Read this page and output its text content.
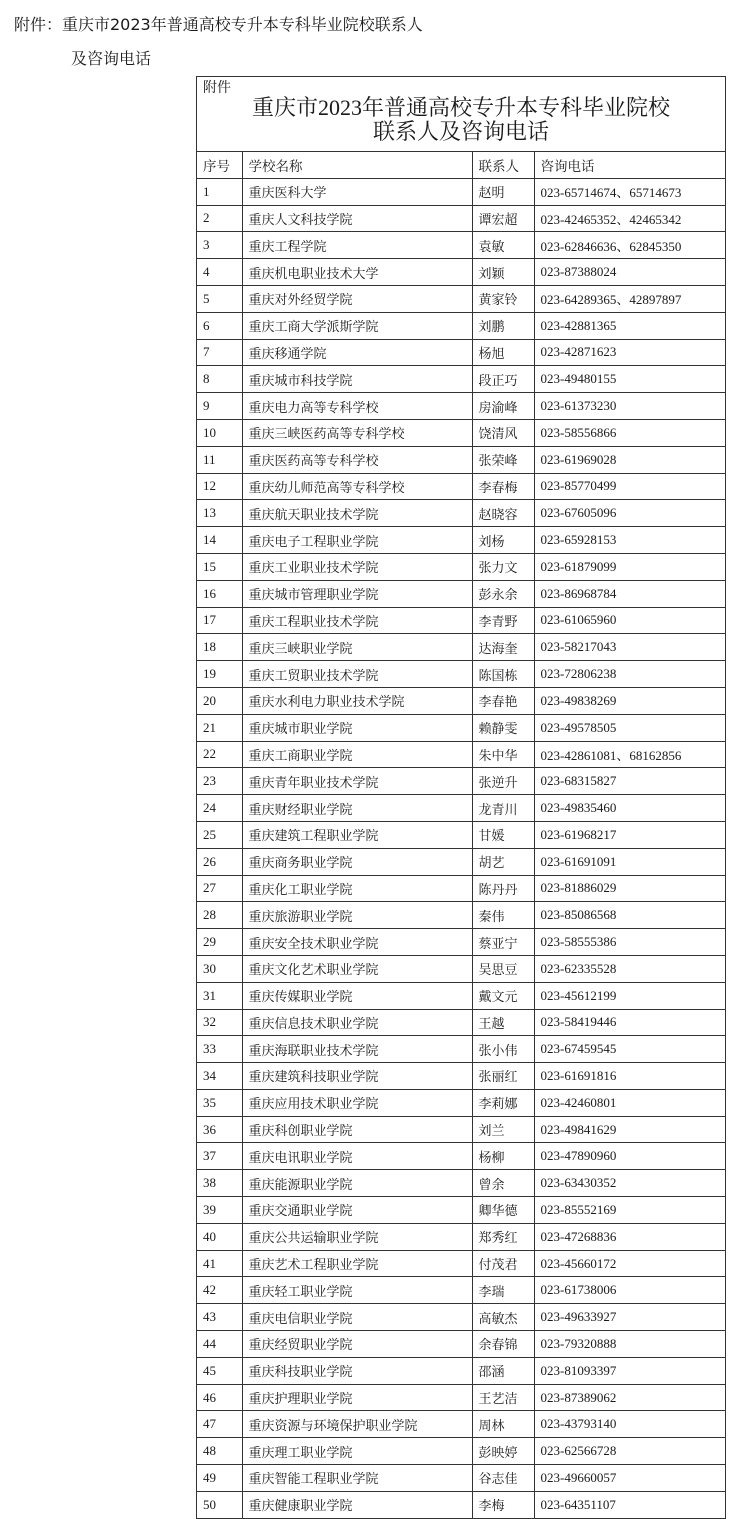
附件：重庆市2023年普通高校专升本专科毕业院校联系人
及咨询电话
附件
重庆市2023年普通高校专升本专科毕业院校
联系人及咨询电话
序号	学校名称	联系人	咨询电话
1	重庆医科大学	赵明	023-65714674、65714673
2	重庆人文科技学院	谭宏超	023-42465352、42465342
3	重庆工程学院	袁敏	023-62846636、62845350
4	重庆机电职业技术大学	刘颖	023-87388024
5	重庆对外经贸学院	黄家铃	023-64289365、42897897
6	重庆工商大学派斯学院	刘鹏	023-42881365
7	重庆移通学院	杨旭	023-42871623
8	重庆城市科技学院	段正巧	023-49480155
9	重庆电力高等专科学校	房渝峰	023-61373230
10	重庆三峡医药高等专科学校	饶清风	023-58556866
11	重庆医药高等专科学校	张荣峰	023-61969028
12	重庆幼儿师范高等专科学校	李春梅	023-85770499
13	重庆航天职业技术学院	赵晓容	023-67605096
14	重庆电子工程职业学院	刘杨	023-65928153
15	重庆工业职业技术学院	张力文	023-61879099
16	重庆城市管理职业学院	彭永余	023-86968784
17	重庆工程职业技术学院	李青野	023-61065960
18	重庆三峡职业学院	达海奎	023-58217043
19	重庆工贸职业技术学院	陈国栋	023-72806238
20	重庆水利电力职业技术学院	李春艳	023-49838269
21	重庆城市职业学院	赖静雯	023-49578505
22	重庆工商职业学院	朱中华	023-42861081、68162856
23	重庆青年职业技术学院	张逆升	023-68315827
24	重庆财经职业学院	龙青川	023-49835460
25	重庆建筑工程职业学院	甘媛	023-61968217
26	重庆商务职业学院	胡艺	023-61691091
27	重庆化工职业学院	陈丹丹	023-81886029
28	重庆旅游职业学院	秦伟	023-85086568
29	重庆安全技术职业学院	蔡亚宁	023-58555386
30	重庆文化艺术职业学院	吴思豆	023-62335528
31	重庆传媒职业学院	戴文元	023-45612199
32	重庆信息技术职业学院	王越	023-58419446
33	重庆海联职业技术学院	张小伟	023-67459545
34	重庆建筑科技职业学院	张丽红	023-61691816
35	重庆应用技术职业学院	李莉娜	023-42460801
36	重庆科创职业学院	刘兰	023-49841629
37	重庆电讯职业学院	杨柳	023-47890960
38	重庆能源职业学院	曾余	023-63430352
39	重庆交通职业学院	卿华德	023-85552169
40	重庆公共运输职业学院	郑秀红	023-47268836
41	重庆艺术工程职业学院	付茂君	023-45660172
42	重庆轻工职业学院	李瑞	023-61738006
43	重庆电信职业学院	高敏杰	023-49633927
44	重庆经贸职业学院	余春锦	023-79320888
45	重庆科技职业学院	邵涵	023-81093397
46	重庆护理职业学院	王艺洁	023-87389062
47	重庆资源与环境保护职业学院	周林	023-43793140
48	重庆理工职业学院	彭映婷	023-62566728
49	重庆智能工程职业学院	谷志佳	023-49660057
50	重庆健康职业学院	李梅	023-64351107
